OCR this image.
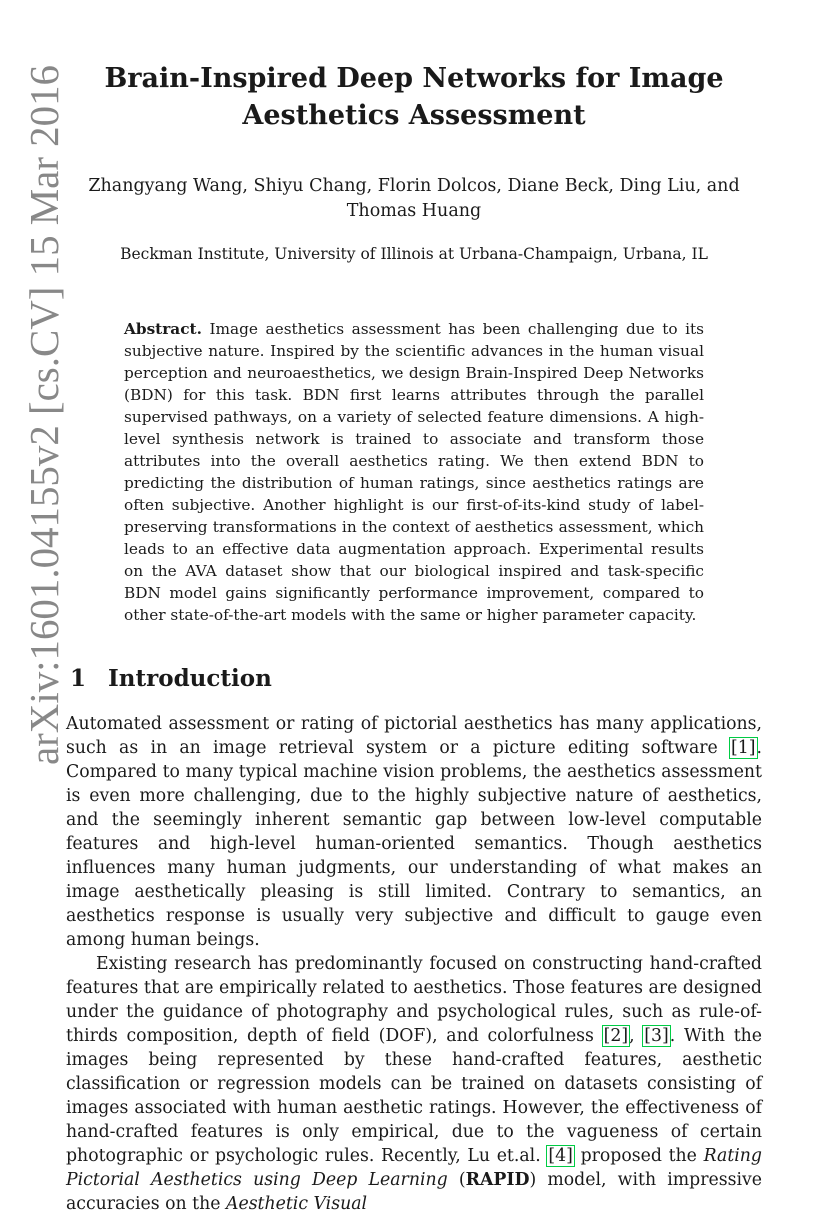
arXiv:1601.04155v2 [cs.CV] 15 Mar 2016 Brain-Inspired Deep Networks for Image Aesthetics Assessment
Zhangyang Wang, Shiyu Chang, Florin Dolcos, Diane Beck, Ding Liu, and Thomas Huang
Beckman Institute, University of Illinois at Urbana-Champaign, Urbana, IL
Abstract. Image aesthetics assessment has been challenging due to its subjective nature. Inspired by the scientific advances in the human visual perception and neuroaesthetics, we design Brain-Inspired Deep Networks (BDN) for this task. BDN first learns attributes through the parallel supervised pathways, on a variety of selected feature dimensions. A high-level synthesis network is trained to associate and transform those attributes into the overall aesthetics rating. We then extend BDN to predicting the distribution of human ratings, since aesthetics ratings are often subjective. Another highlight is our first-of-its-kind study of label-preserving transformations in the context of aesthetics assessment, which leads to an effective data augmentation approach. Experimental results on the AVA dataset show that our biological inspired and task-specific BDN model gains significantly performance improvement, compared to other state-of-the-art models with the same or higher parameter capacity.
1 Introduction

Automated assessment or rating of pictorial aesthetics has many applications, such as in an image retrieval system or a picture editing software [1]. Compared to many typical machine vision problems, the aesthetics assessment is even more challenging, due to the highly subjective nature of aesthetics, and the seemingly inherent semantic gap between low-level computable features and high-level human-oriented semantics. Though aesthetics influences many human judgments, our understanding of what makes an image aesthetically pleasing is still limited. Contrary to semantics, an aesthetics response is usually very subjective and difficult to gauge even among human beings.

Existing research has predominantly focused on constructing hand-crafted features that are empirically related to aesthetics. Those features are designed under the guidance of photography and psychological rules, such as rule-of-thirds composition, depth of field (DOF), and colorfulness [2], [3]. With the images being represented by these hand-crafted features, aesthetic classification or regression models can be trained on datasets consisting of images associated with human aesthetic ratings. However, the effectiveness of hand-crafted features is only empirical, due to the vagueness of certain photographic or psychologic rules. Recently, Lu et.al. [4] proposed the Rating Pictorial Aesthetics using Deep Learning (RAPID) model, with impressive accuracies on the Aesthetic Visual
